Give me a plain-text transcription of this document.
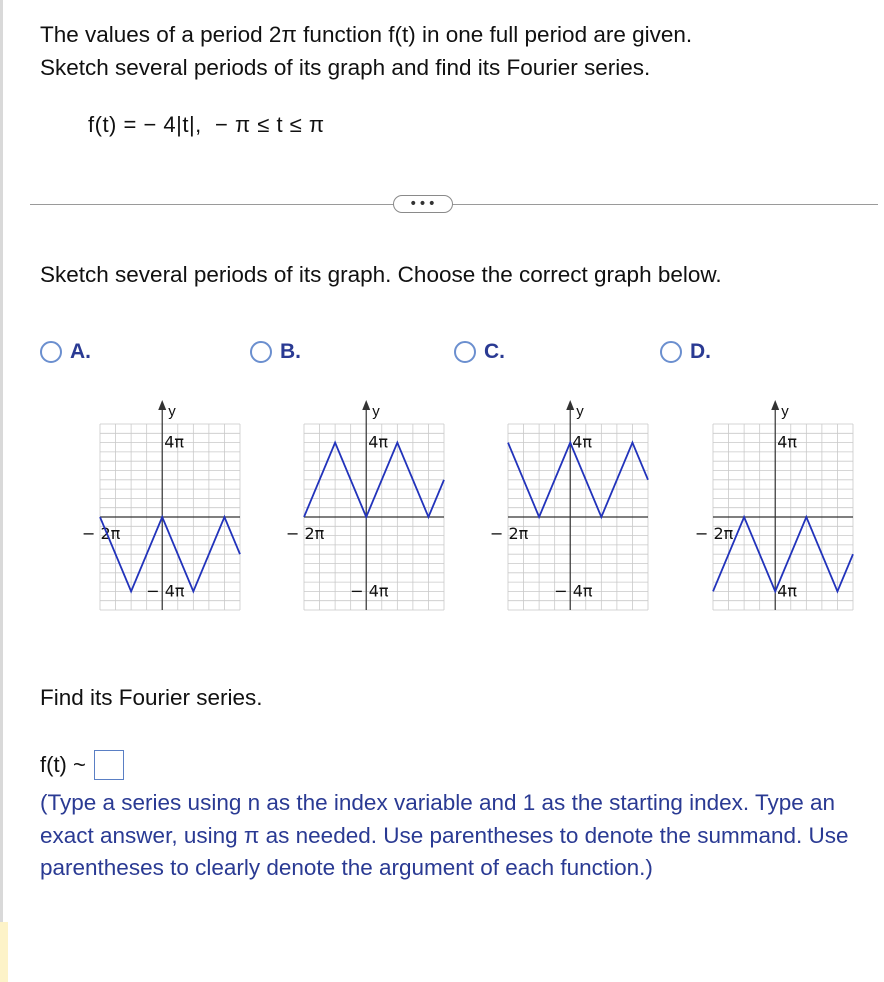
The values of a period 2π function f(t) in one full period are given.

Sketch several periods of its graph and find its Fourier series.

f(t) = − 4|t|,  − π ≤ t ≤ π
•••
Sketch several periods of its graph. Choose the correct graph below.
A.	B.	C.	D.
y
4π
− 4π
− 2π
y
4π
− 4π
− 2π
y
4π
− 4π
− 2π
y
4π
4π
− 2π
Find its Fourier series.
f(t) ~
(Type a series using n as the index variable and 1 as the starting index. Type an exact answer, using π as needed. Use parentheses to denote the summand. Use parentheses to clearly denote the argument of each function.)
